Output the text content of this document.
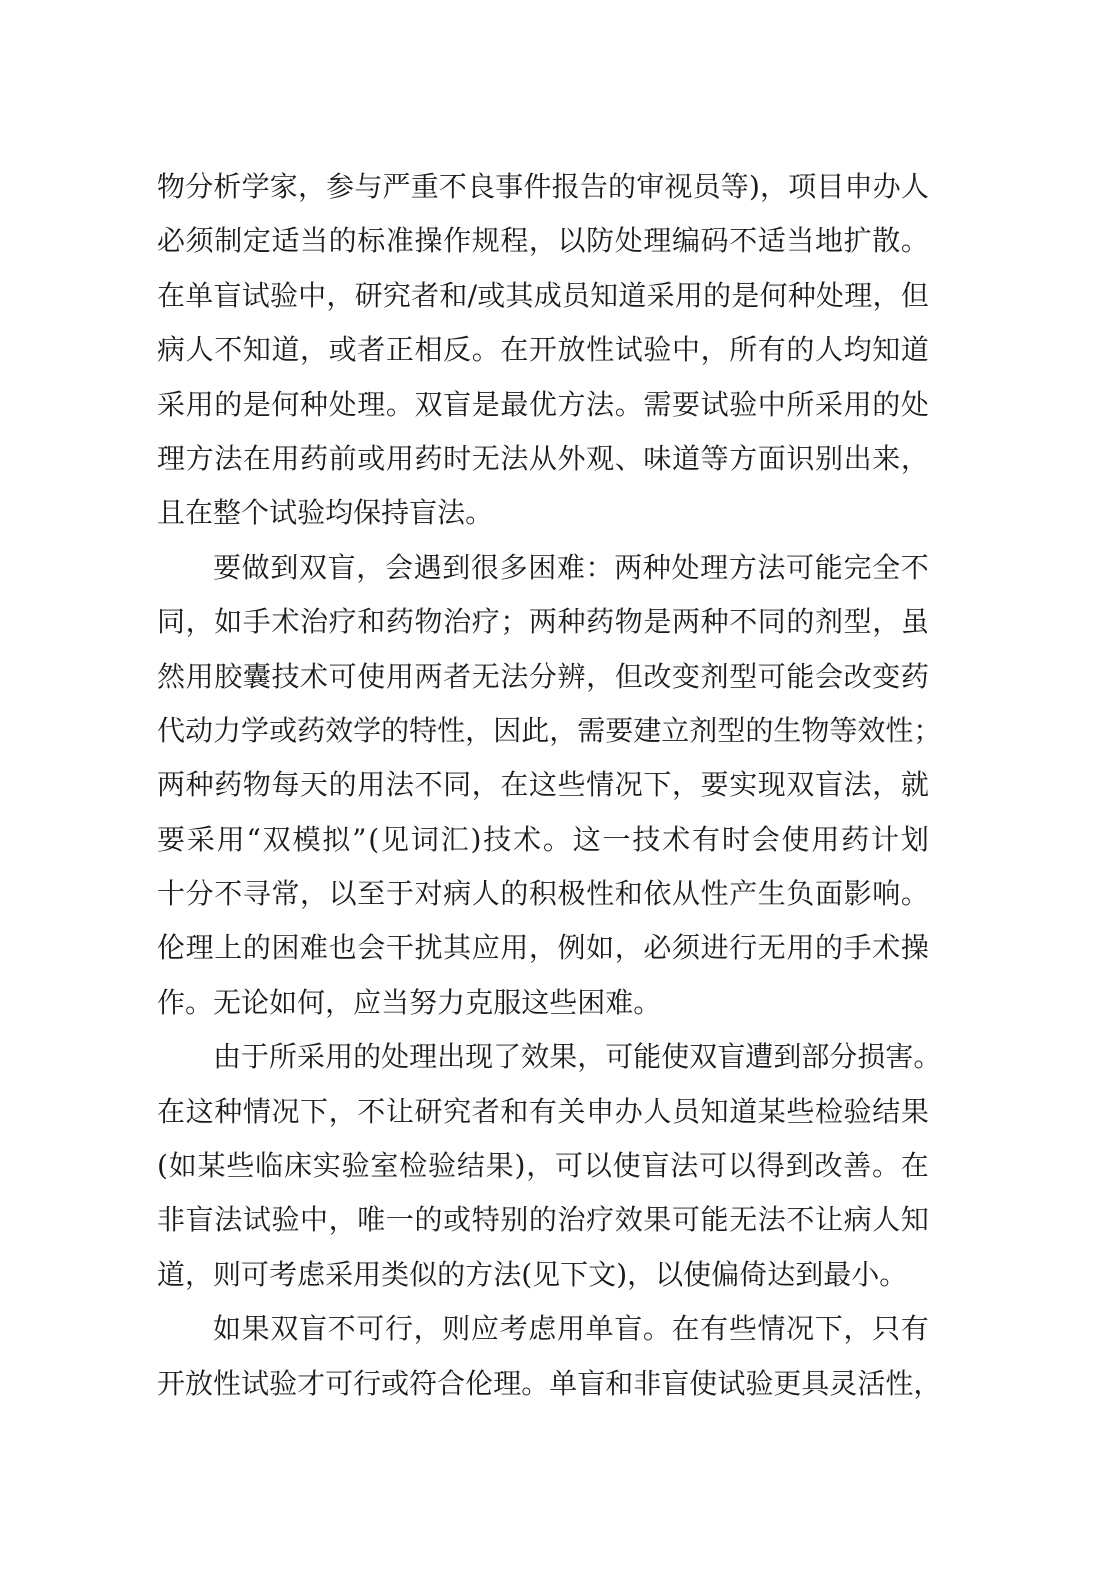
物 分 析 学 家 ， 参 与 严 重 不 良 事 件 报 告 的 审 视 员 等 ) ， 项 目 申 办 人
必 须 制 定 适 当 的 标 准 操 作 规 程 ， 以 防 处 理 编 码 不 适 当 地 扩 散 。
在 单 盲 试 验 中 ， 研 究 者 和 / 或 其 成 员 知 道 采 用 的 是 何 种 处 理 ， 但
病 人 不 知 道 ， 或 者 正 相 反 。 在 开 放 性 试 验 中 ， 所 有 的 人 均 知 道
采 用 的 是 何 种 处 理 。 双 盲 是 最 优 方 法 。 需 要 试 验 中 所 采 用 的 处
理 方 法 在 用 药 前 或 用 药 时 无 法 从 外 观 、 味 道 等 方 面 识 别 出 来 ，
且 在 整 个 试 验 均 保 持 盲 法 。
要 做 到 双 盲 ， 会 遇 到 很 多 困 难 ： 两 种 处 理 方 法 可 能 完 全 不
同 ， 如 手 术 治 疗 和 药 物 治 疗 ； 两 种 药 物 是 两 种 不 同 的 剂 型 ， 虽
然 用 胶 囊 技 术 可 使 用 两 者 无 法 分 辨 ， 但 改 变 剂 型 可 能 会 改 变 药
代 动 力 学 或 药 效 学 的 特 性 ， 因 此 ， 需 要 建 立 剂 型 的 生 物 等 效 性 ；
两 种 药 物 每 天 的 用 法 不 同 ， 在 这 些 情 况 下 ， 要 实 现 双 盲 法 ， 就
要 采 用 “ 双 模 拟 ” ( 见 词 汇 ) 技 术 。 这 一 技 术 有 时 会 使 用 药 计 划
十 分 不 寻 常 ， 以 至 于 对 病 人 的 积 极 性 和 依 从 性 产 生 负 面 影 响 。
伦 理 上 的 困 难 也 会 干 扰 其 应 用 ， 例 如 ， 必 须 进 行 无 用 的 手 术 操
作 。 无 论 如 何 ， 应 当 努 力 克 服 这 些 困 难 。
由 于 所 采 用 的 处 理 出 现 了 效 果 ， 可 能 使 双 盲 遭 到 部 分 损 害 。
在 这 种 情 况 下 ， 不 让 研 究 者 和 有 关 申 办 人 员 知 道 某 些 检 验 结 果
( 如 某 些 临 床 实 验 室 检 验 结 果 ) ， 可 以 使 盲 法 可 以 得 到 改 善 。 在
非 盲 法 试 验 中 ， 唯 一 的 或 特 别 的 治 疗 效 果 可 能 无 法 不 让 病 人 知
道 ， 则 可 考 虑 采 用 类 似 的 方 法 ( 见 下 文 ) ， 以 使 偏 倚 达 到 最 小 。
如 果 双 盲 不 可 行 ， 则 应 考 虑 用 单 盲 。 在 有 些 情 况 下 ， 只 有
开 放 性 试 验 才 可 行 或 符 合 伦 理 。 单 盲 和 非 盲 使 试 验 更 具 灵 活 性 ，
